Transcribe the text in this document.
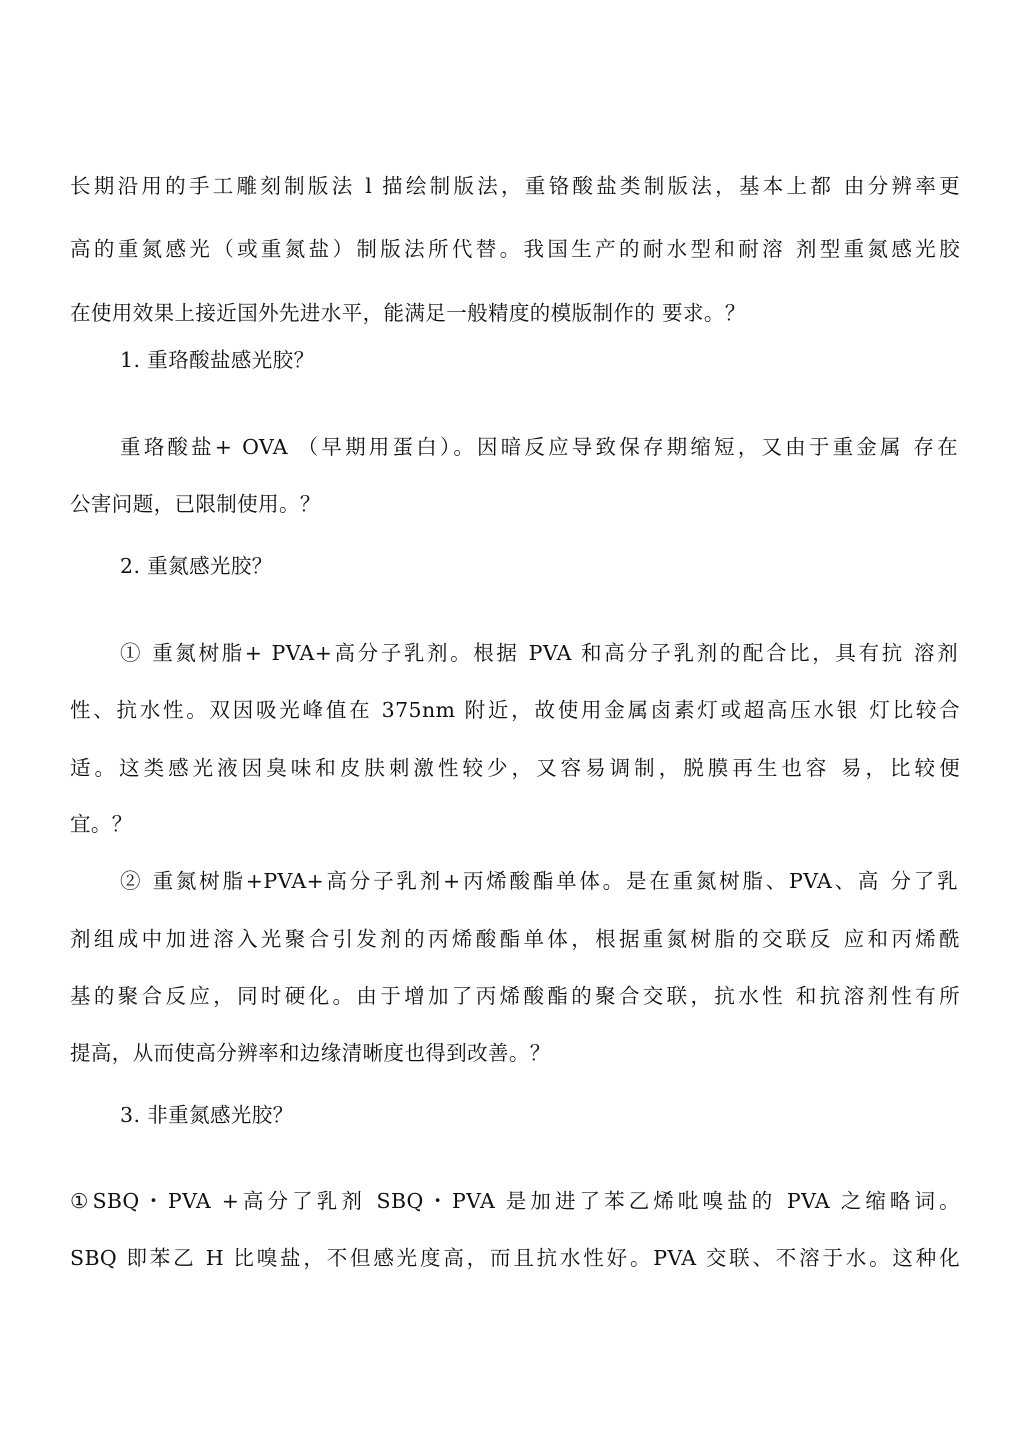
长期沿用的手工雕刻制版法 l 描绘制版法，重铬酸盐类制版法，基本上都 由分辨率更
高的重氮感光（或重氮盐）制版法所代替。我国生产的耐水型和耐溶 剂型重氮感光胶
在使用效果上接近国外先进水平，能满足一般精度的模版制作的 要求。？
1. 重珞酸盐感光胶？
重珞酸盐+ OVA （早期用蛋白）。因暗反应导致保存期缩短，又由于重金属 存在
公害问题，已限制使用。？
2. 重氮感光胶？
① 重氮树脂+ PVA+高分子乳剂。根据 PVA 和高分子乳剂的配合比，具有抗 溶剂
性、抗水性。双因吸光峰值在 375nm 附近，故使用金属卤素灯或超高压水银 灯比较合
适。这类感光液因臭味和皮肤刺激性较少，又容易调制，脱膜再生也容 易，比较便
宜。？
② 重氮树脂+PVA+高分子乳剂+丙烯酸酯单体。是在重氮树脂、PVA、高 分了乳
剂组成中加进溶入光聚合引发剂的丙烯酸酯单体，根据重氮树脂的交联反 应和丙烯酰
基的聚合反应，同时硬化。由于增加了丙烯酸酯的聚合交联，抗水性 和抗溶剂性有所
提高，从而使高分辨率和边缘清晰度也得到改善。？
3. 非重氮感光胶？
①SBQ・PVA +高分了乳剂 SBQ・PVA 是加进了苯乙烯吡嗅盐的 PVA 之缩略词。
SBQ 即苯乙 H 比嗅盐，不但感光度高，而且抗水性好。PVA 交联、不溶于水。这种化
